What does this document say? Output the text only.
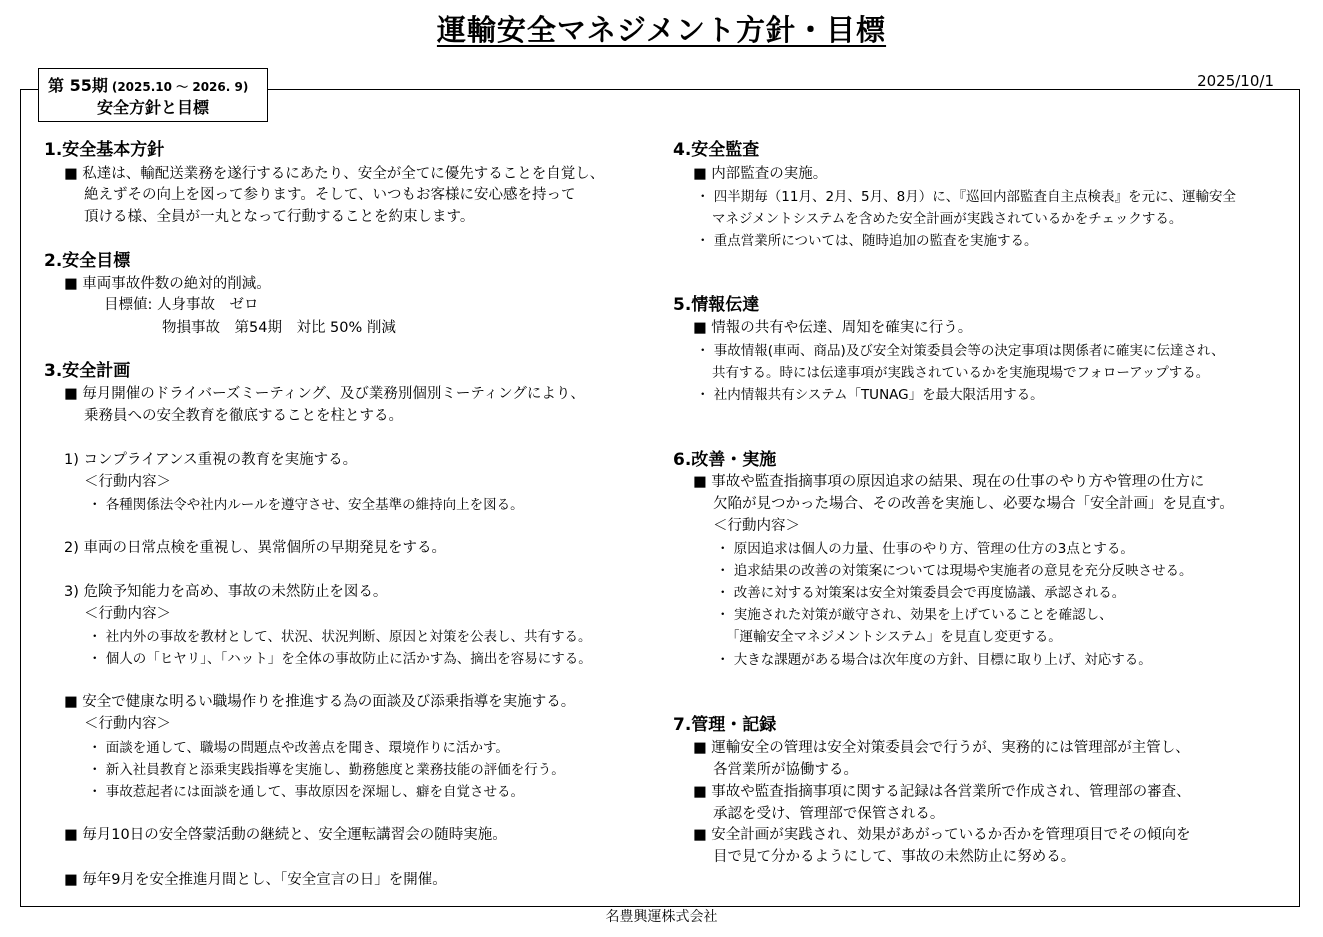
運輸安全マネジメント方針・目標
第 55期 (2025.10 ～ 2026. 9)
安全方針と目標
2025/10/1
1.安全基本方針
■ 私達は、輸配送業務を遂行するにあたり、安全が全てに優先することを自覚し、
絶えずその向上を図って参ります。そして、いつもお客様に安心感を持って
頂ける様、全員が一丸となって行動することを約束します。
2.安全目標
■ 車両事故件数の絶対的削減。
目標値: 人身事故　ゼロ
物損事故　第54期　対比 50% 削減
3.安全計画
■ 毎月開催のドライバーズミーティング、及び業務別個別ミーティングにより、
乗務員への安全教育を徹底することを柱とする。
1) コンプライアンス重視の教育を実施する。
＜行動内容＞
・ 各種関係法令や社内ルールを遵守させ、安全基準の維持向上を図る。
2) 車両の日常点検を重視し、異常個所の早期発見をする。
3) 危険予知能力を高め、事故の未然防止を図る。
＜行動内容＞
・ 社内外の事故を教材として、状況、状況判断、原因と対策を公表し、共有する。
・ 個人の「ヒヤリ」、「ハット」を全体の事故防止に活かす為、摘出を容易にする。
■ 安全で健康な明るい職場作りを推進する為の面談及び添乗指導を実施する。
＜行動内容＞
・ 面談を通して、職場の問題点や改善点を聞き、環境作りに活かす。
・ 新入社員教育と添乗実践指導を実施し、勤務態度と業務技能の評価を行う。
・ 事故惹起者には面談を通して、事故原因を深堀し、癖を自覚させる。
■ 毎月10日の安全啓蒙活動の継続と、安全運転講習会の随時実施。
■ 毎年9月を安全推進月間とし、「安全宣言の日」を開催。
4.安全監査
■ 内部監査の実施。
・ 四半期毎（11月、2月、5月、8月）に、『巡回内部監査自主点検表』を元に、運輸安全
マネジメントシステムを含めた安全計画が実践されているかをチェックする。
・ 重点営業所については、随時追加の監査を実施する。
5.情報伝達
■ 情報の共有や伝達、周知を確実に行う。
・ 事故情報(車両、商品)及び安全対策委員会等の決定事項は関係者に確実に伝達され、
共有する。時には伝達事項が実践されているかを実施現場でフォローアップする。
・ 社内情報共有システム「TUNAG」を最大限活用する。
6.改善・実施
■ 事故や監査指摘事項の原因追求の結果、現在の仕事のやり方や管理の仕方に
欠陥が見つかった場合、その改善を実施し、必要な場合「安全計画」を見直す。
＜行動内容＞
・ 原因追求は個人の力量、仕事のやり方、管理の仕方の3点とする。
・ 追求結果の改善の対策案については現場や実施者の意見を充分反映させる。
・ 改善に対する対策案は安全対策委員会で再度協議、承認される。
・ 実施された対策が厳守され、効果を上げていることを確認し、
「運輸安全マネジメントシステム」を見直し変更する。
・ 大きな課題がある場合は次年度の方針、目標に取り上げ、対応する。
7.管理・記録
■ 運輸安全の管理は安全対策委員会で行うが、実務的には管理部が主管し、
各営業所が協働する。
■ 事故や監査指摘事項に関する記録は各営業所で作成され、管理部の審査、
承認を受け、管理部で保管される。
■ 安全計画が実践され、効果があがっているか否かを管理項目でその傾向を
目で見て分かるようにして、事故の未然防止に努める。
名豊興運株式会社
